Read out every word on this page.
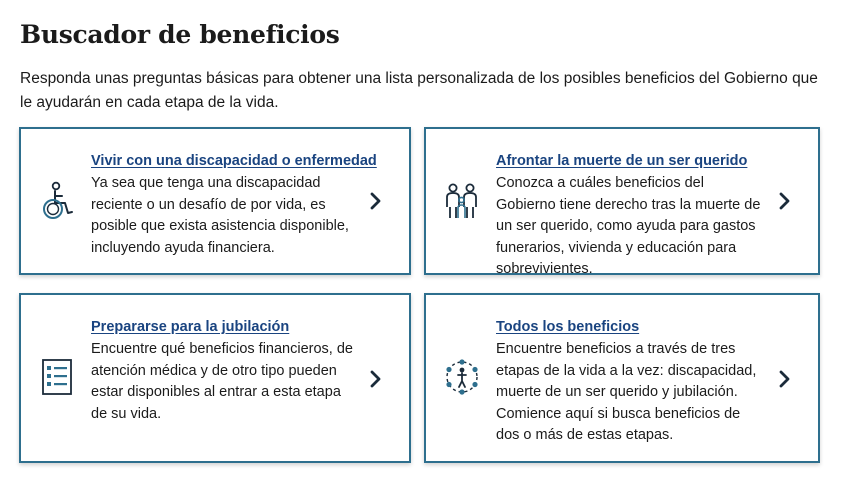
Buscador de beneficios

Responda unas preguntas básicas para obtener una lista personalizada de los posibles beneficios del Gobierno que le ayudarán en cada etapa de la vida.

Vivir con una discapacidad o enfermedad

Ya sea que tenga una discapacidad reciente o un desafío de por vida, es posible que exista asistencia disponible, incluyendo ayuda financiera.

Afrontar la muerte de un ser querido

Conozca a cuáles beneficios del Gobierno tiene derecho tras la muerte de un ser querido, como ayuda para gastos funerarios, vivienda y educación para sobrevivientes.

Prepararse para la jubilación

Encuentre qué beneficios financieros, de atención médica y de otro tipo pueden estar disponibles al entrar a esta etapa de su vida.

Todos los beneficios

Encuentre beneficios a través de tres etapas de la vida a la vez: discapacidad, muerte de un ser querido y jubilación. Comience aquí si busca beneficios de dos o más de estas etapas.
